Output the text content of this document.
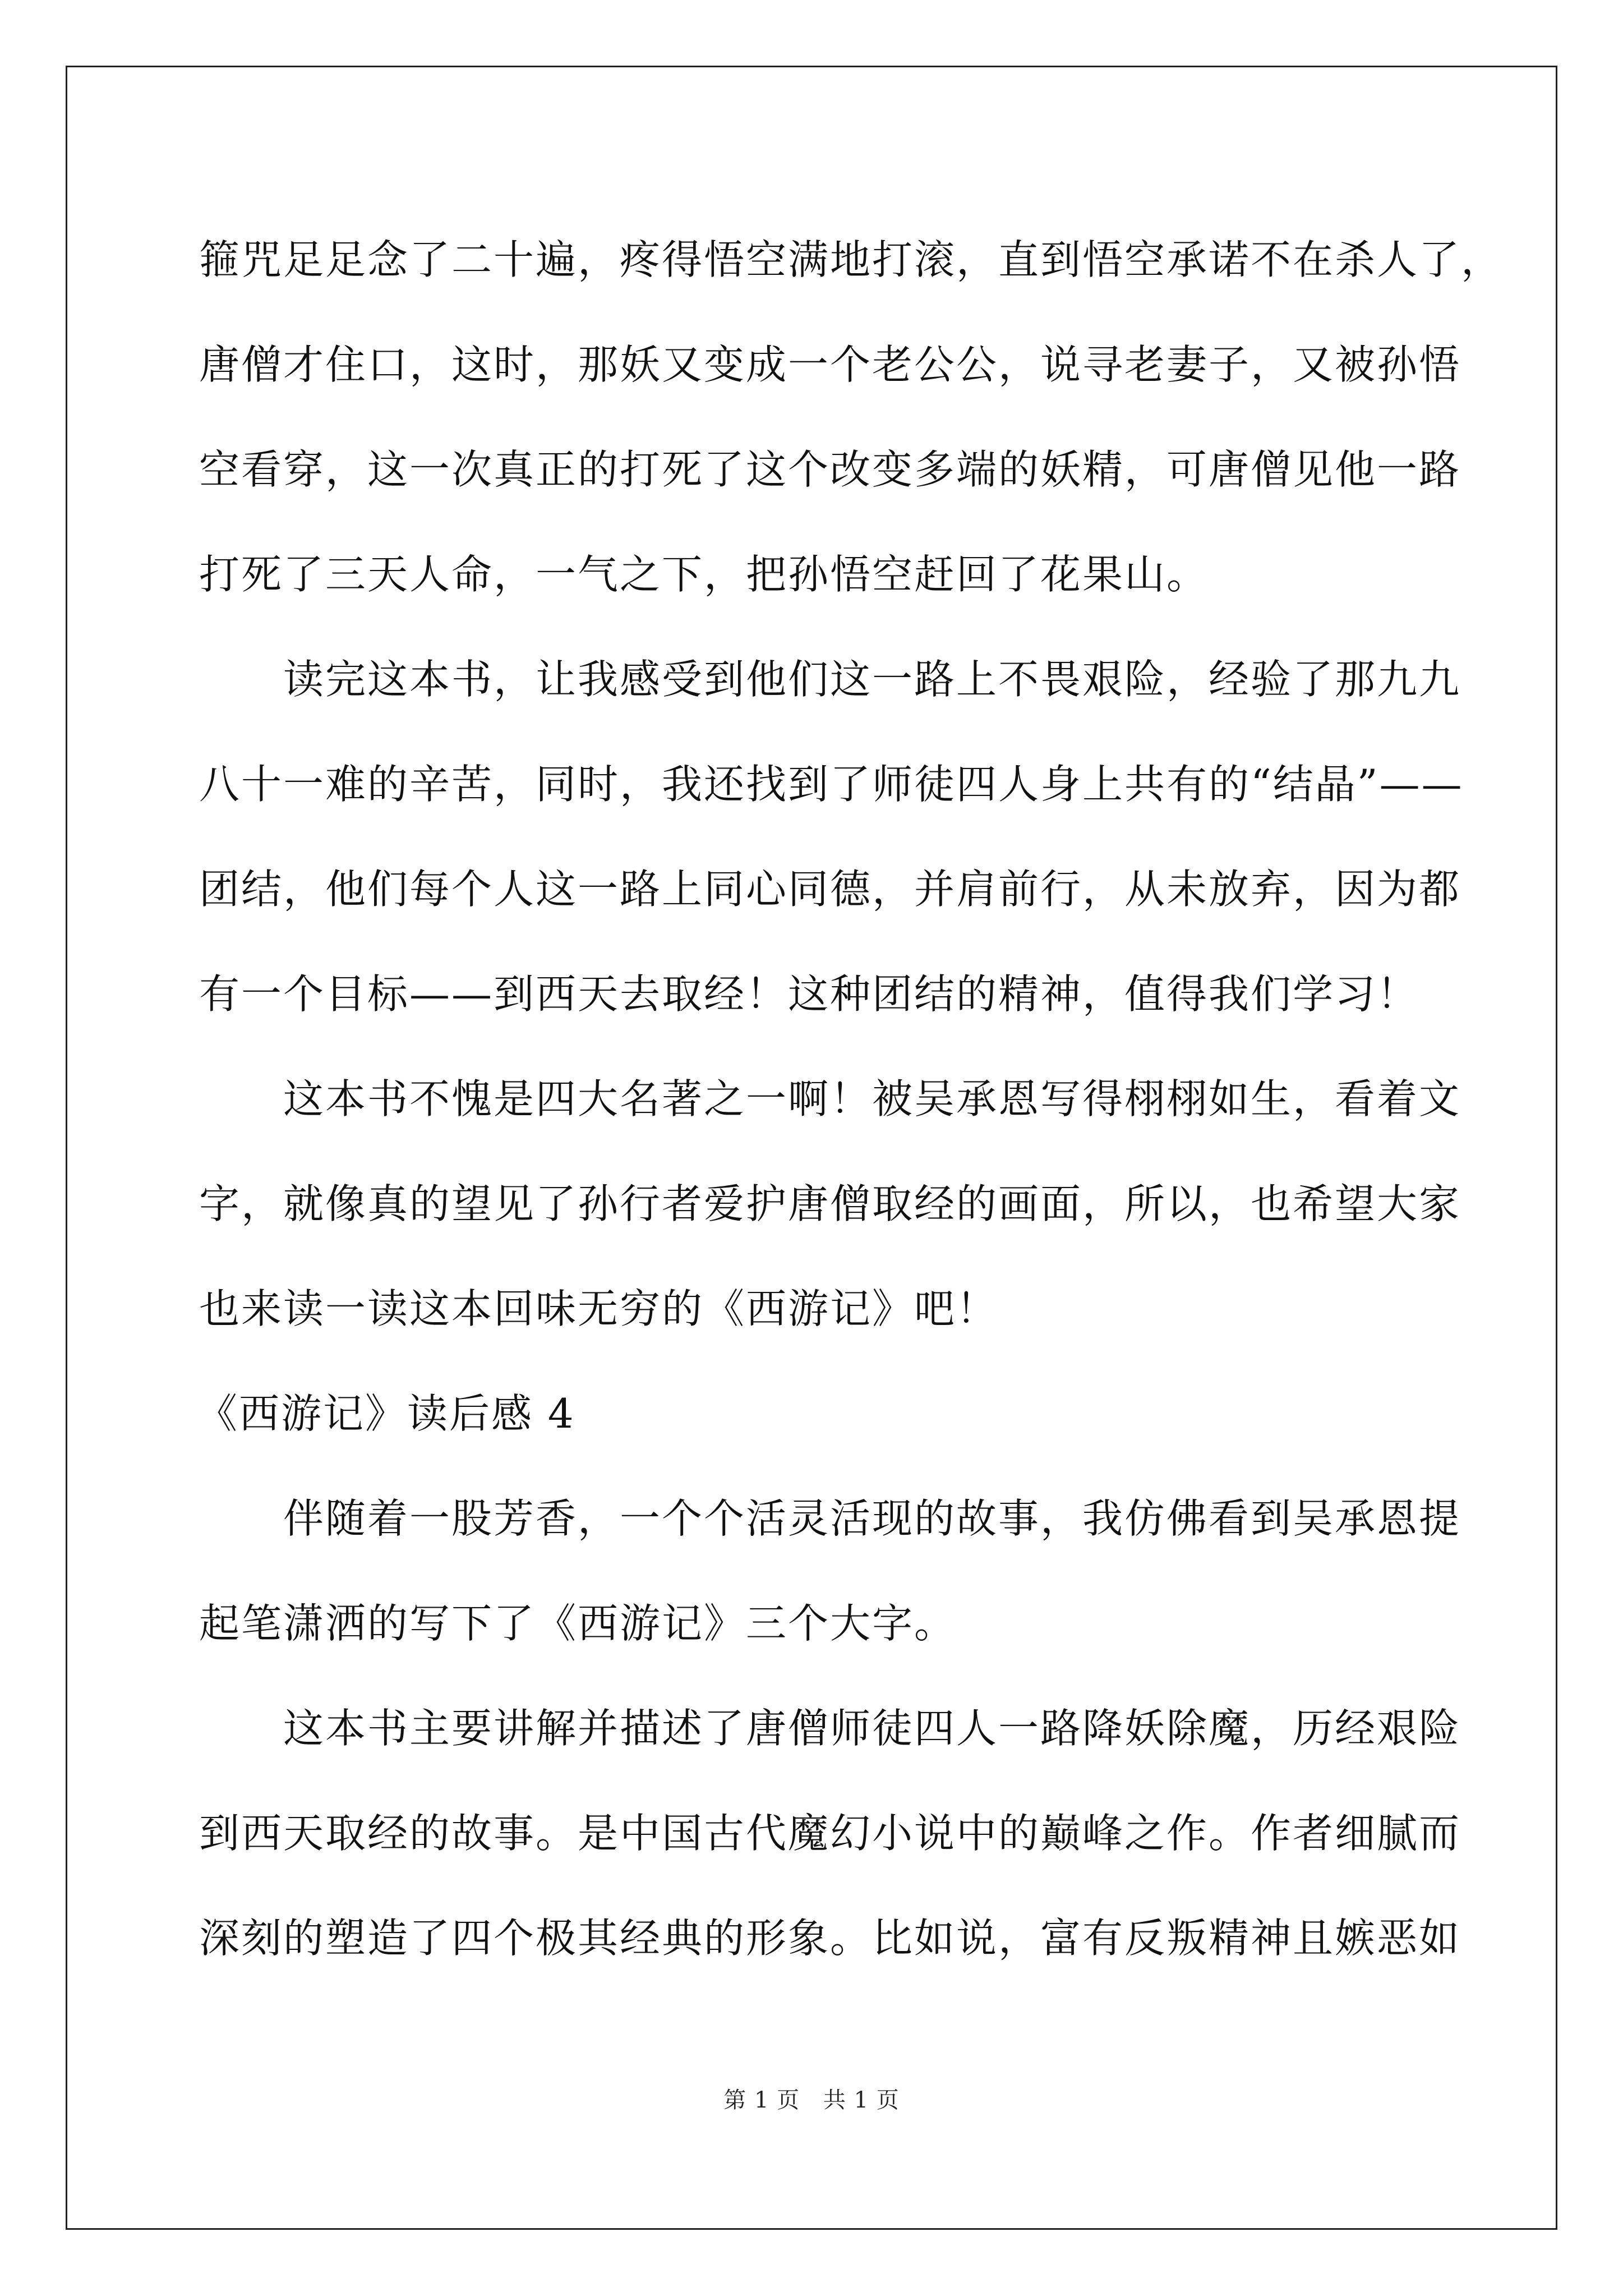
箍咒足足念了二十遍，疼得悟空满地打滚，直到悟空承诺不在杀人了，
唐僧才住口，这时，那妖又变成一个老公公，说寻老妻子，又被孙悟
空看穿，这一次真正的打死了这个改变多端的妖精，可唐僧见他一路
打死了三天人命，一气之下，把孙悟空赶回了花果山。
读完这本书，让我感受到他们这一路上不畏艰险，经验了那九九
八十一难的辛苦，同时，我还找到了师徒四人身上共有的“结晶”——
团结，他们每个人这一路上同心同德，并肩前行，从未放弃，因为都
有一个目标——到西天去取经！这种团结的精神，值得我们学习！
这本书不愧是四大名著之一啊！被吴承恩写得栩栩如生，看着文
字，就像真的望见了孙行者爱护唐僧取经的画面，所以，也希望大家
也来读一读这本回味无穷的《西游记》吧！
《西游记》读后感 4
伴随着一股芳香，一个个活灵活现的故事，我仿佛看到吴承恩提
起笔潇洒的写下了《西游记》三个大字。
这本书主要讲解并描述了唐僧师徒四人一路降妖除魔，历经艰险
到西天取经的故事。是中国古代魔幻小说中的巅峰之作。作者细腻而
深刻的塑造了四个极其经典的形象。比如说，富有反叛精神且嫉恶如
第 1 页 共 1 页
